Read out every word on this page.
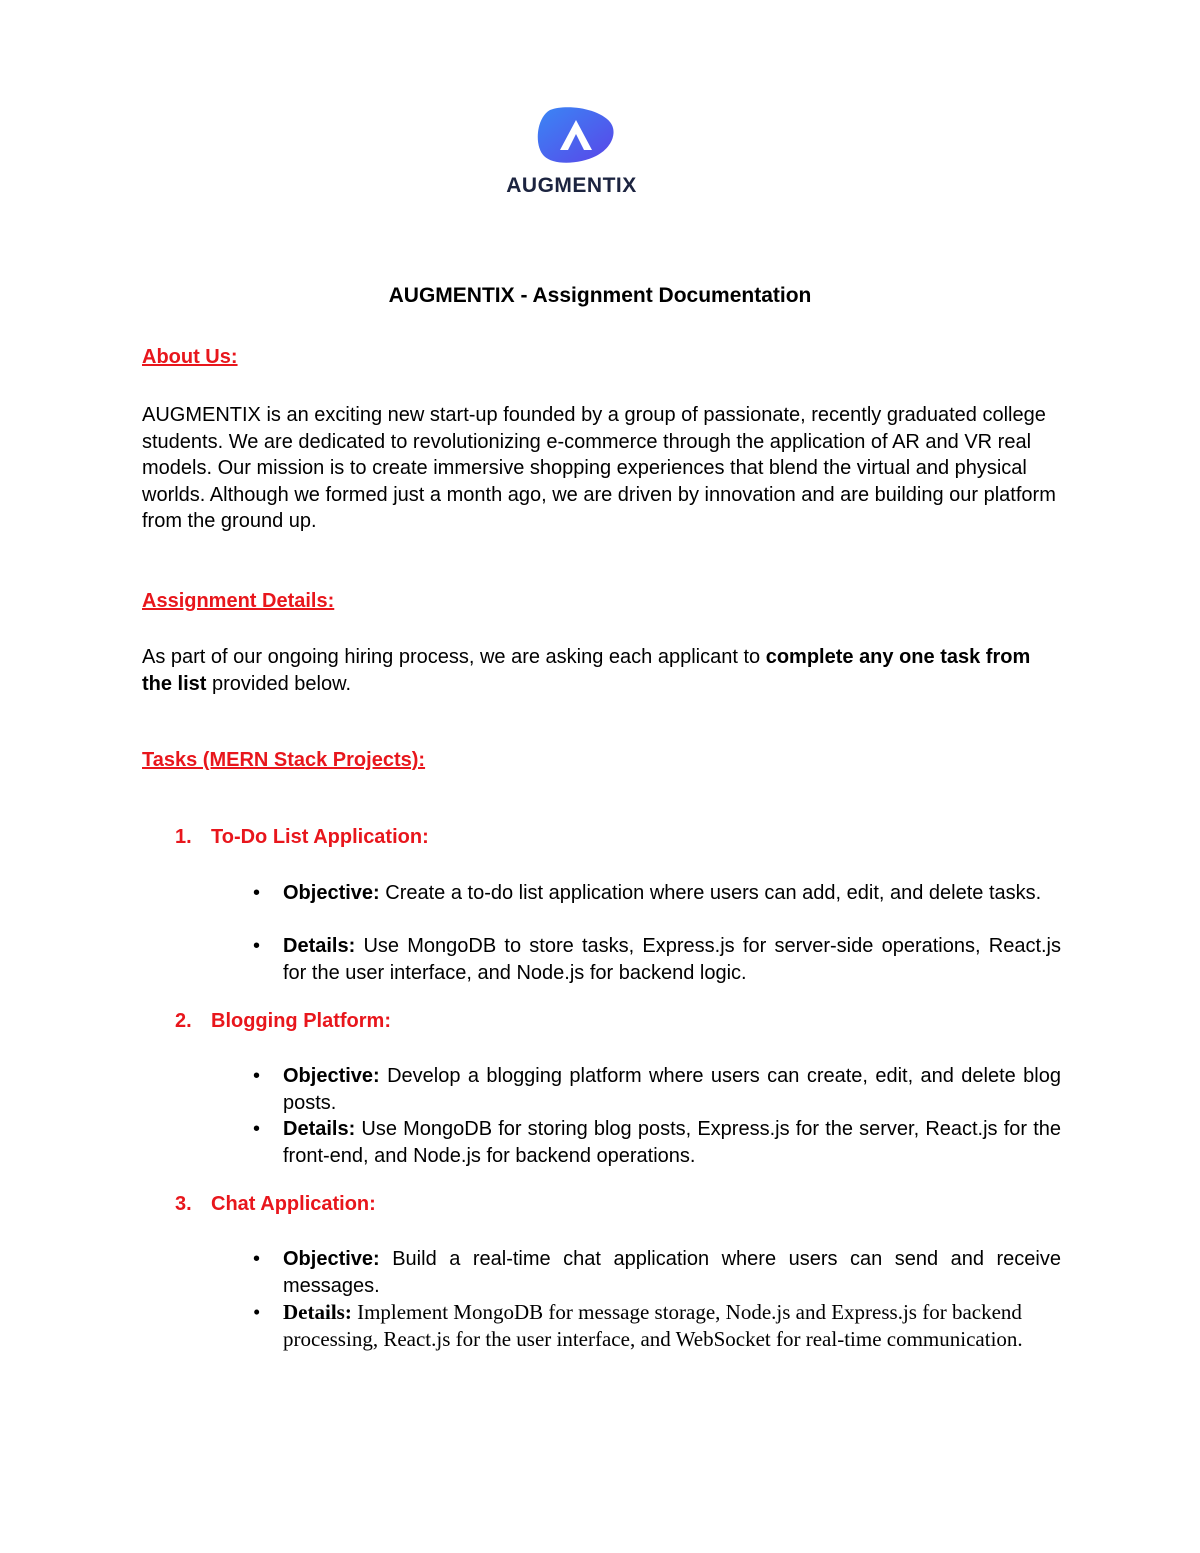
AUGMENTIX
AUGMENTIX - Assignment Documentation
About Us:
AUGMENTIX is an exciting new start-up founded by a group of passionate, recently graduated college students. We are dedicated to revolutionizing e-commerce through the application of AR and VR real models. Our mission is to create immersive shopping experiences that blend the virtual and physical worlds. Although we formed just a month ago, we are driven by innovation and are building our platform from the ground up.
Assignment Details:
As part of our ongoing hiring process, we are asking each applicant to complete any one task from the list provided below.
Tasks (MERN Stack Projects):
1. To-Do List Application:
• Objective: Create a to-do list application where users can add, edit, and delete tasks.
• Details: Use MongoDB to store tasks, Express.js for server-side operations, React.js for the user interface, and Node.js for backend logic.
2. Blogging Platform:
• Objective: Develop a blogging platform where users can create, edit, and delete blog posts.
• Details: Use MongoDB for storing blog posts, Express.js for the server, React.js for the front-end, and Node.js for backend operations.
3. Chat Application:
• Objective: Build a real-time chat application where users can send and receive messages.
• Details: Implement MongoDB for message storage, Node.js and Express.js for backend processing, React.js for the user interface, and WebSocket for real-time communication.
